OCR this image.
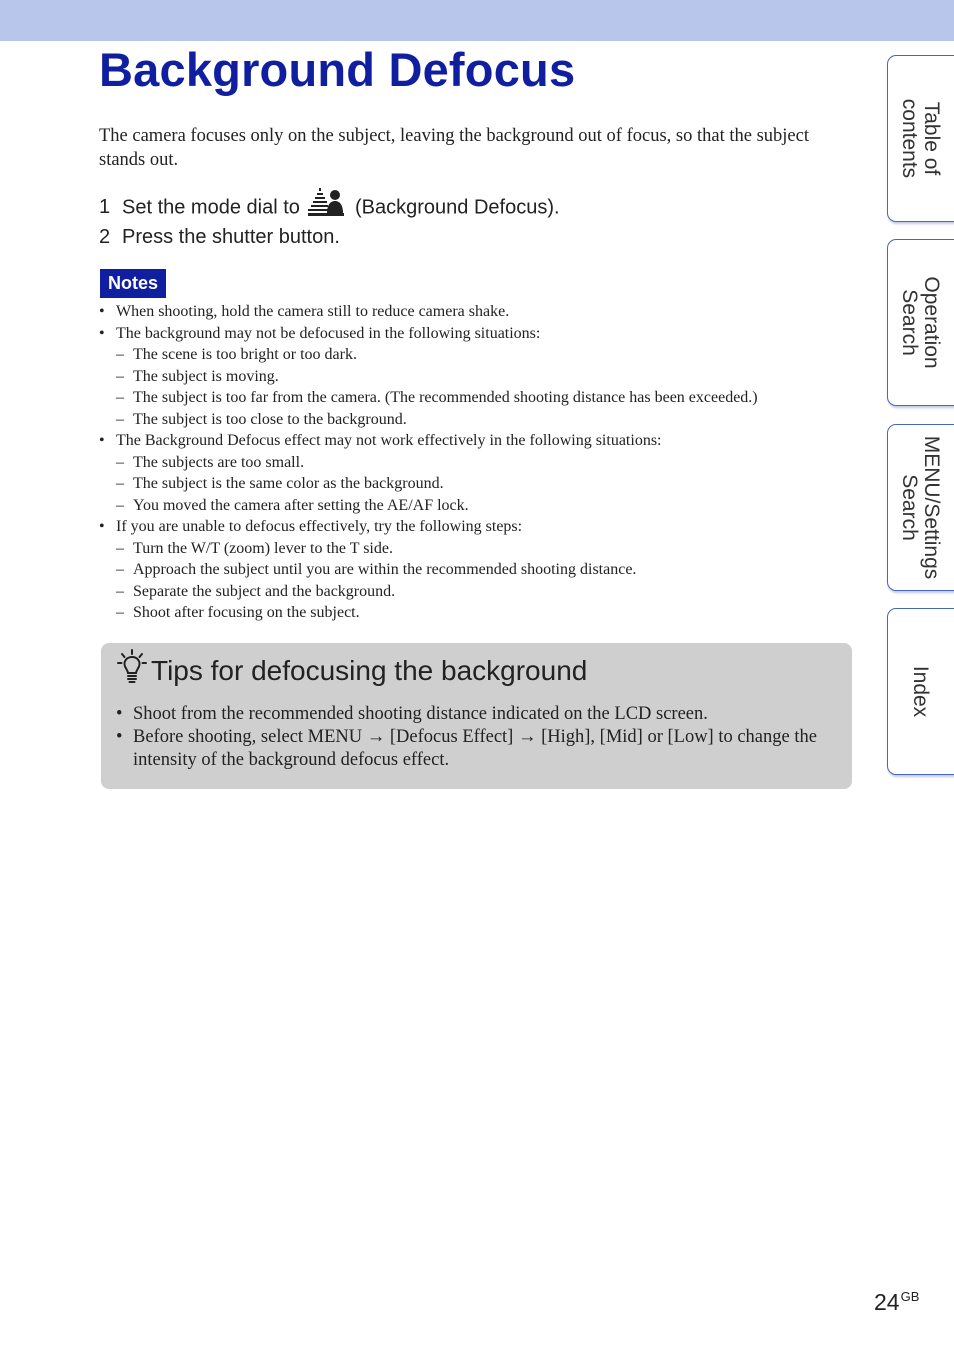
Background Defocus

The camera focuses only on the subject, leaving the background out of focus, so that the subject stands out.

1 Set the mode dial to	(Background Defocus).
2 Press the shutter button.
Notes
• When shooting, hold the camera still to reduce camera shake.
• The background may not be defocused in the following situations:
– The scene is too bright or too dark.
– The subject is moving.
– The subject is too far from the camera. (The recommended shooting distance has been exceeded.)
– The subject is too close to the background.
• The Background Defocus effect may not work effectively in the following situations:
– The subjects are too small.
– The subject is the same color as the background.
– You moved the camera after setting the AE/AF lock.
• If you are unable to defocus effectively, try the following steps:
– Turn the W/T (zoom) lever to the T side.
– Approach the subject until you are within the recommended shooting distance.
– Separate the subject and the background.
– Shoot after focusing on the subject.
Tips for defocusing the background
• Shoot from the recommended shooting distance indicated on the LCD screen.
• Before shooting, select MENU → [Defocus Effect] → [High], [Mid] or [Low] to change the intensity of the background defocus effect.
Table of
contents
Operation
Search
MENU/Settings
Search
Index
$24^{GB}$
